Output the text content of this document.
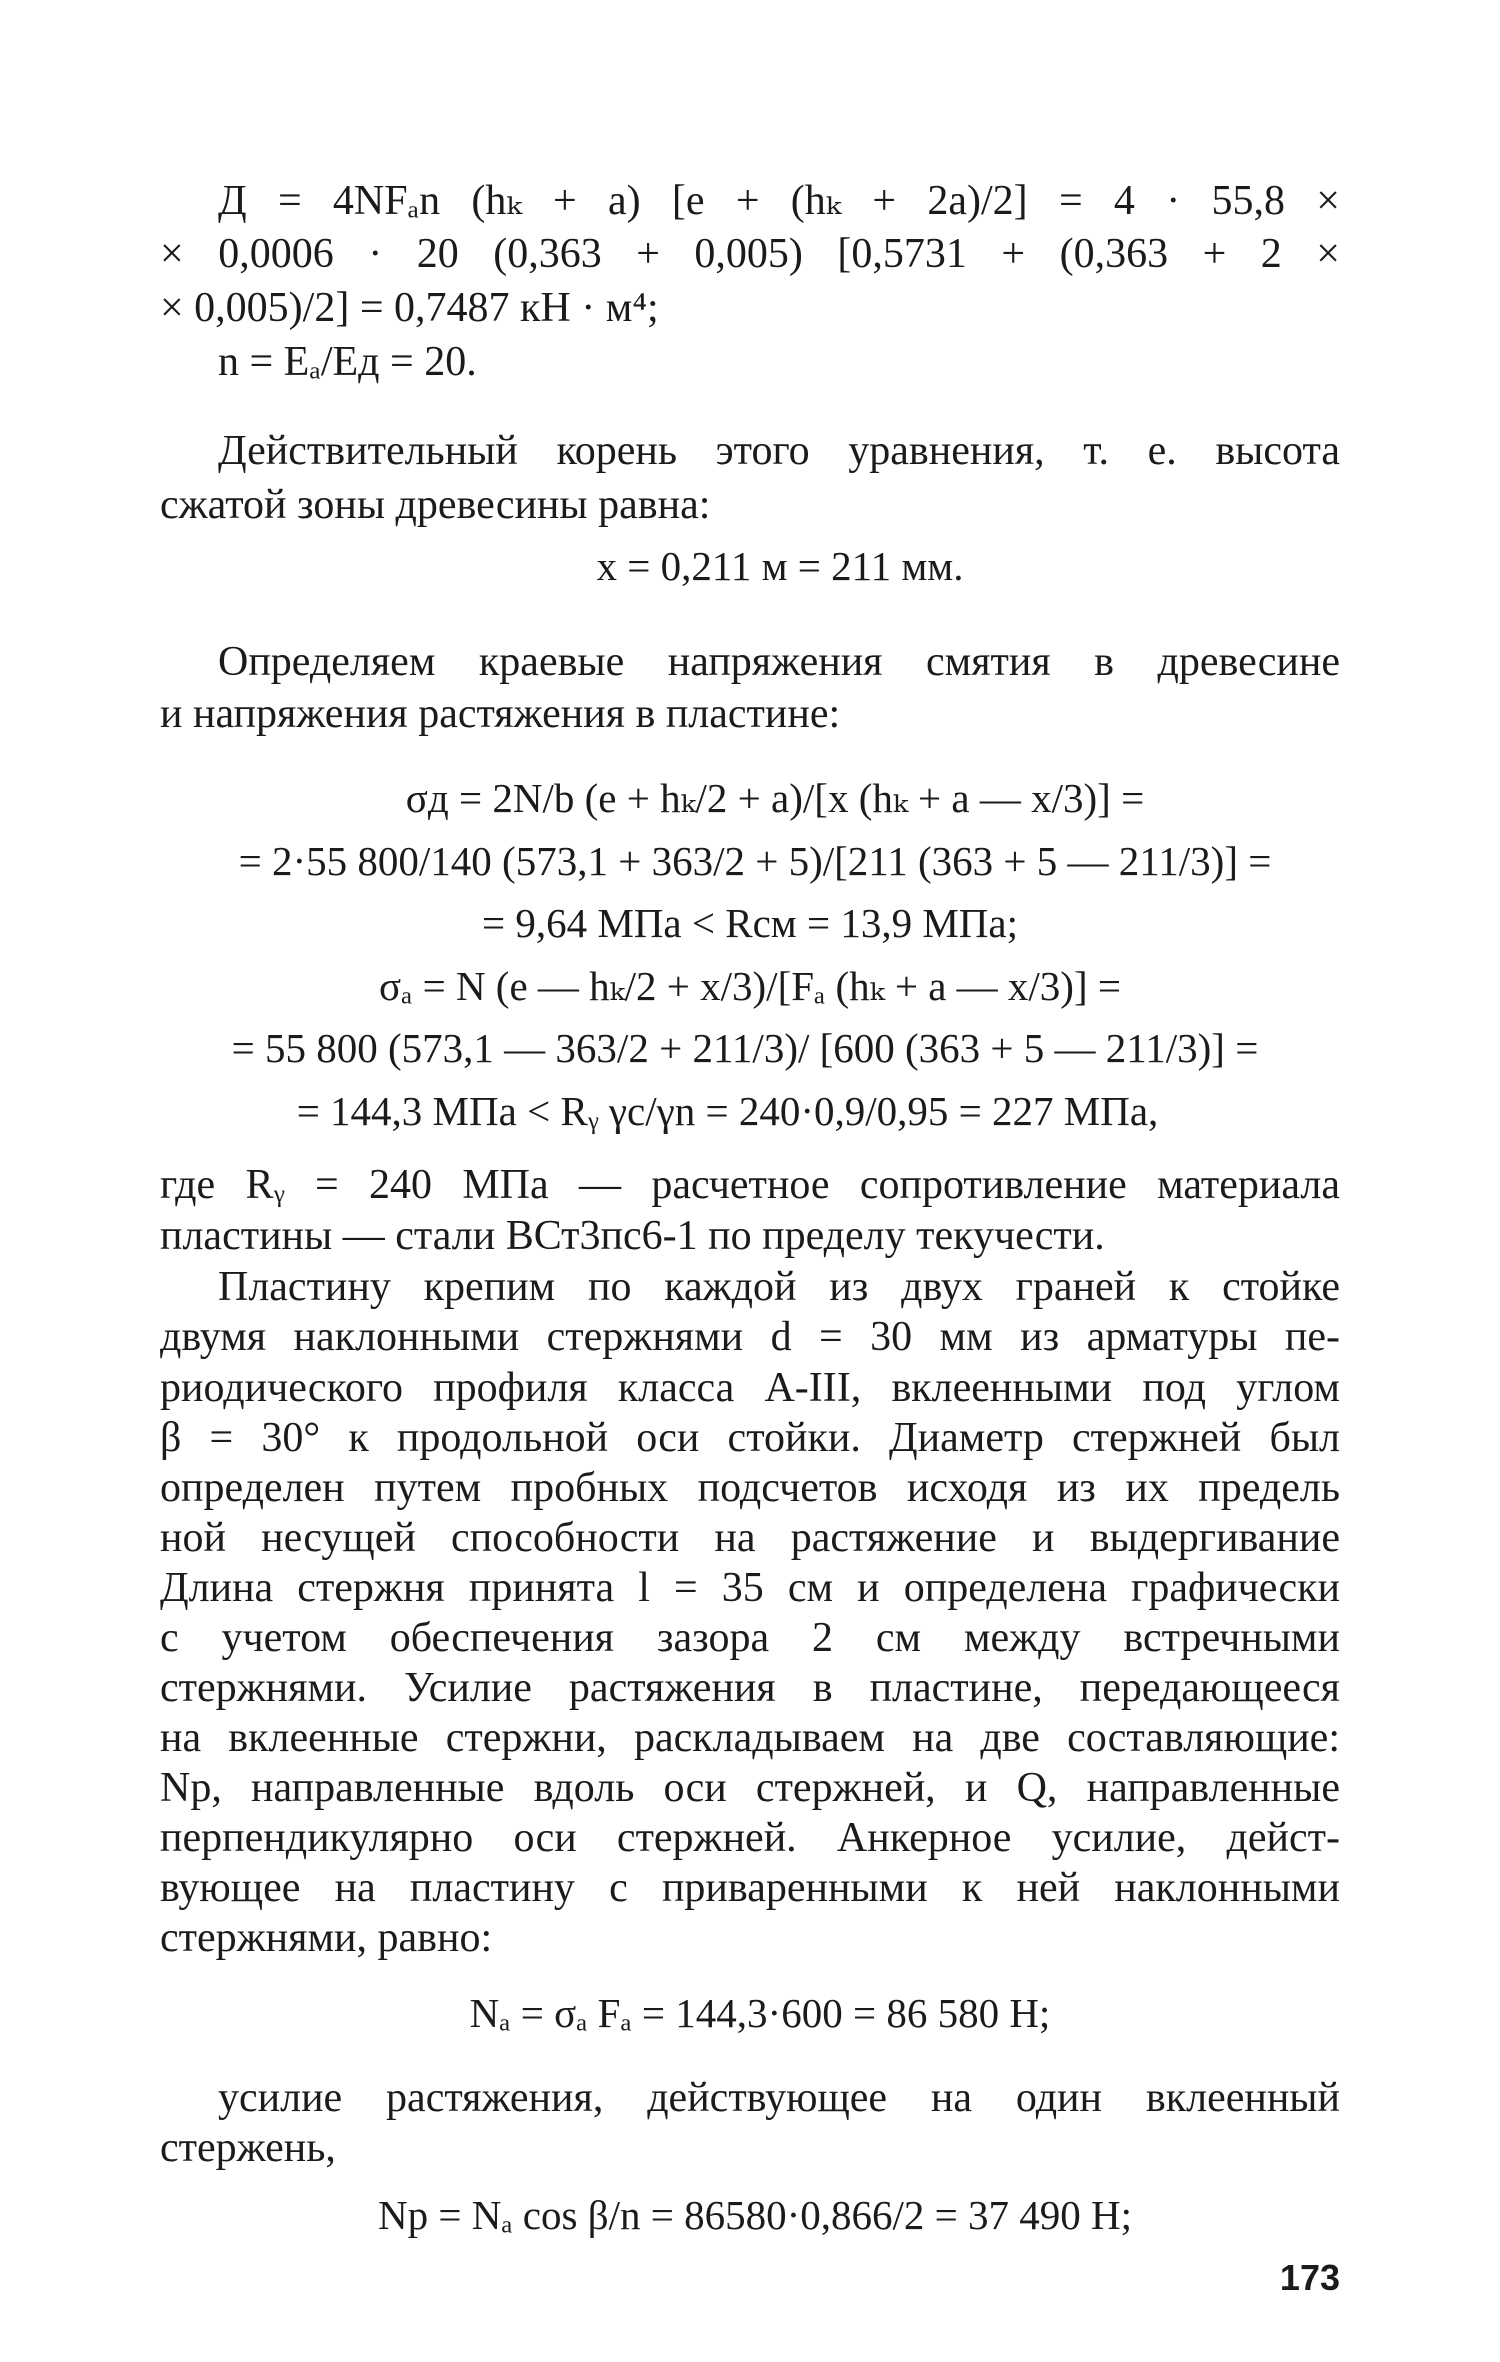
Д = 4NFₐn (hₖ + a) [e + (hₖ + 2a)/2] = 4 · 55,8 ×
× 0,0006 · 20 (0,363 + 0,005) [0,5731 + (0,363 + 2 ×
× 0,005)/2] = 0,7487 кН · м⁴;
n = Eₐ/Eд = 20.
Действительный корень этого уравнения, т. е. высота
сжатой зоны древесины равна:
x = 0,211 м = 211 мм.
Определяем краевые напряжения смятия в древесине
и напряжения растяжения в пластине:
σд = 2N/b (e + hₖ/2 + a)/[x (hₖ + a — x/3)] =
= 2·55 800/140 (573,1 + 363/2 + 5)/[211 (363 + 5 — 211/3)] =
= 9,64 МПа < Rсм = 13,9 МПа;
σₐ = N (e — hₖ/2 + x/3)/[Fₐ (hₖ + a — x/3)] =
= 55 800 (573,1 — 363/2 + 211/3)/ [600 (363 + 5 — 211/3)] =
= 144,3 МПа < Rᵧ γc/γn = 240·0,9/0,95 = 227 МПа,
где Rᵧ = 240 МПа — расчетное сопротивление материала
пластины — стали ВСт3пс6-1 по пределу текучести.
Пластину крепим по каждой из двух граней к стойке
двумя наклонными стержнями d = 30 мм из арматуры пе-
риодического профиля класса A-III, вклеенными под углом
β = 30° к продольной оси стойки. Диаметр стержней был
определен путем пробных подсчетов исходя из их предель
ной несущей способности на растяжение и выдергивание
Длина стержня принята l = 35 см и определена графически
с учетом обеспечения зазора 2 см между встречными
стержнями. Усилие растяжения в пластине, передающееся
на вклеенные стержни, раскладываем на две составляющие:
Nр, направленные вдоль оси стержней, и Q, направленные
перпендикулярно оси стержней. Анкерное усилие, дейст-
вующее на пластину с приваренными к ней наклонными
стержнями, равно:
Nₐ = σₐ Fₐ = 144,3·600 = 86 580 Н;
усилие растяжения, действующее на один вклеенный
стержень,
Nр = Nₐ cos β/n = 86580·0,866/2 = 37 490 Н;
173
